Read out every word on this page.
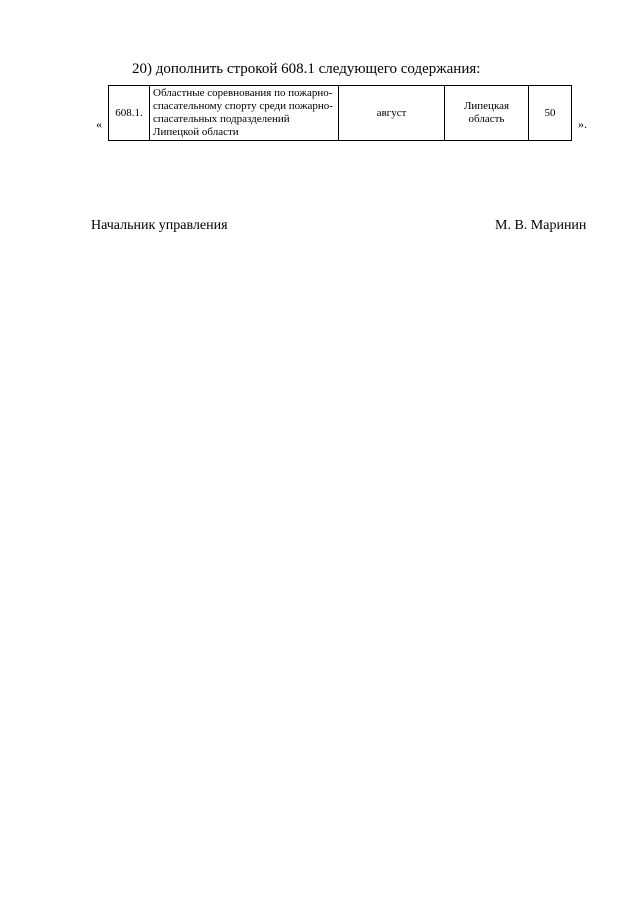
20) дополнить строкой 608.1 следующего содержания:
«
608.1.	Областные соревнования по пожарно-спасательному спорту среди пожарно-спасательных подразделений Липецкой области	август	Липецкая область	50
».
Начальник управления	М. В. Маринин
